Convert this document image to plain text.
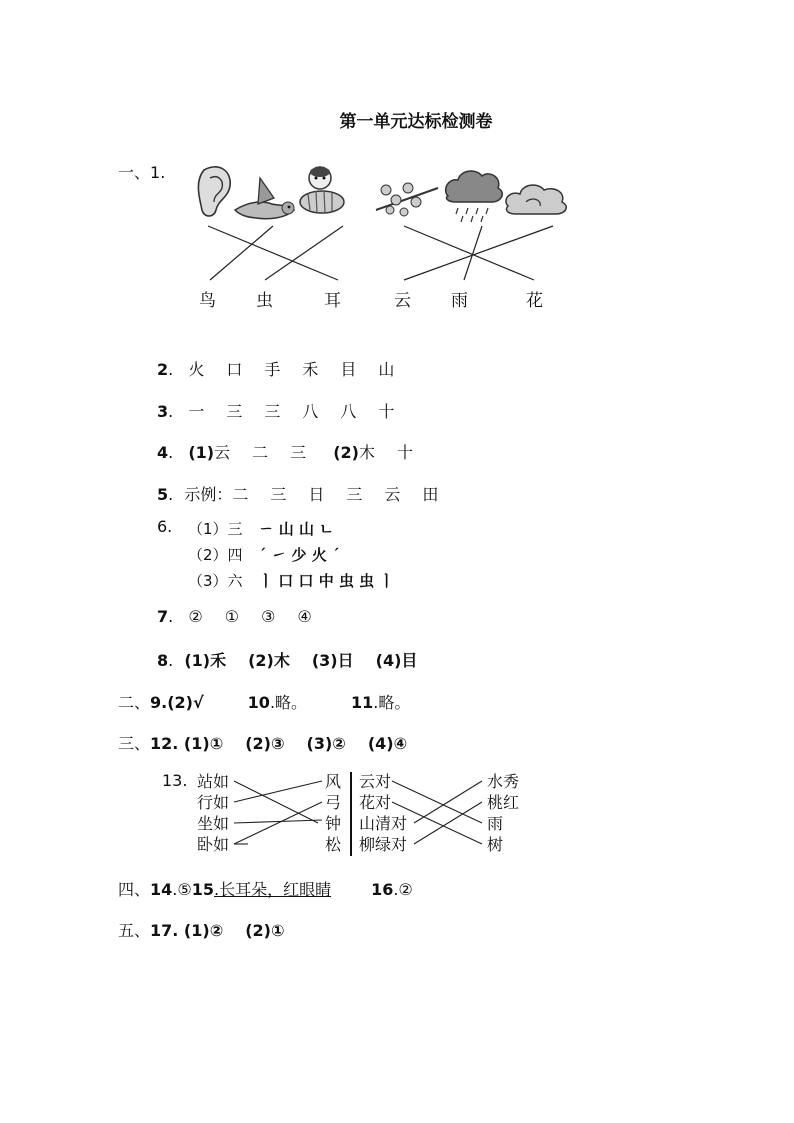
第一单元达标检测卷
一、1.
鸟 虫	耳	云 雨	花
2. 火 口 手 禾 目 山
3. 一 三 三 八 八 十
4. (1)云 二 三 (2)木 十
5. 示例：二 三 日 三 云 田
6. （1）三 ㄧ 山 山 ㄴ
（2）四 ˊ ㇀ 少 火 ˊ
（3）六 ㅣ 口 口 中 虫 虫 ㅣ
7. ② ① ③ ④
8. (1)禾 (2)木 (3)日 (4)目
二、9.(2)√	10.略。	11.略。
三、12. (1)① (2)③ (3)② (4)④
13. 站如
行如
坐如
卧如
风
弓
钟
松
云对
花对
山清对
柳绿对
水秀
桃红
雨
树
四、14.⑤15.长耳朵，红眼睛	16.②
五、17. (1)② (2)①
